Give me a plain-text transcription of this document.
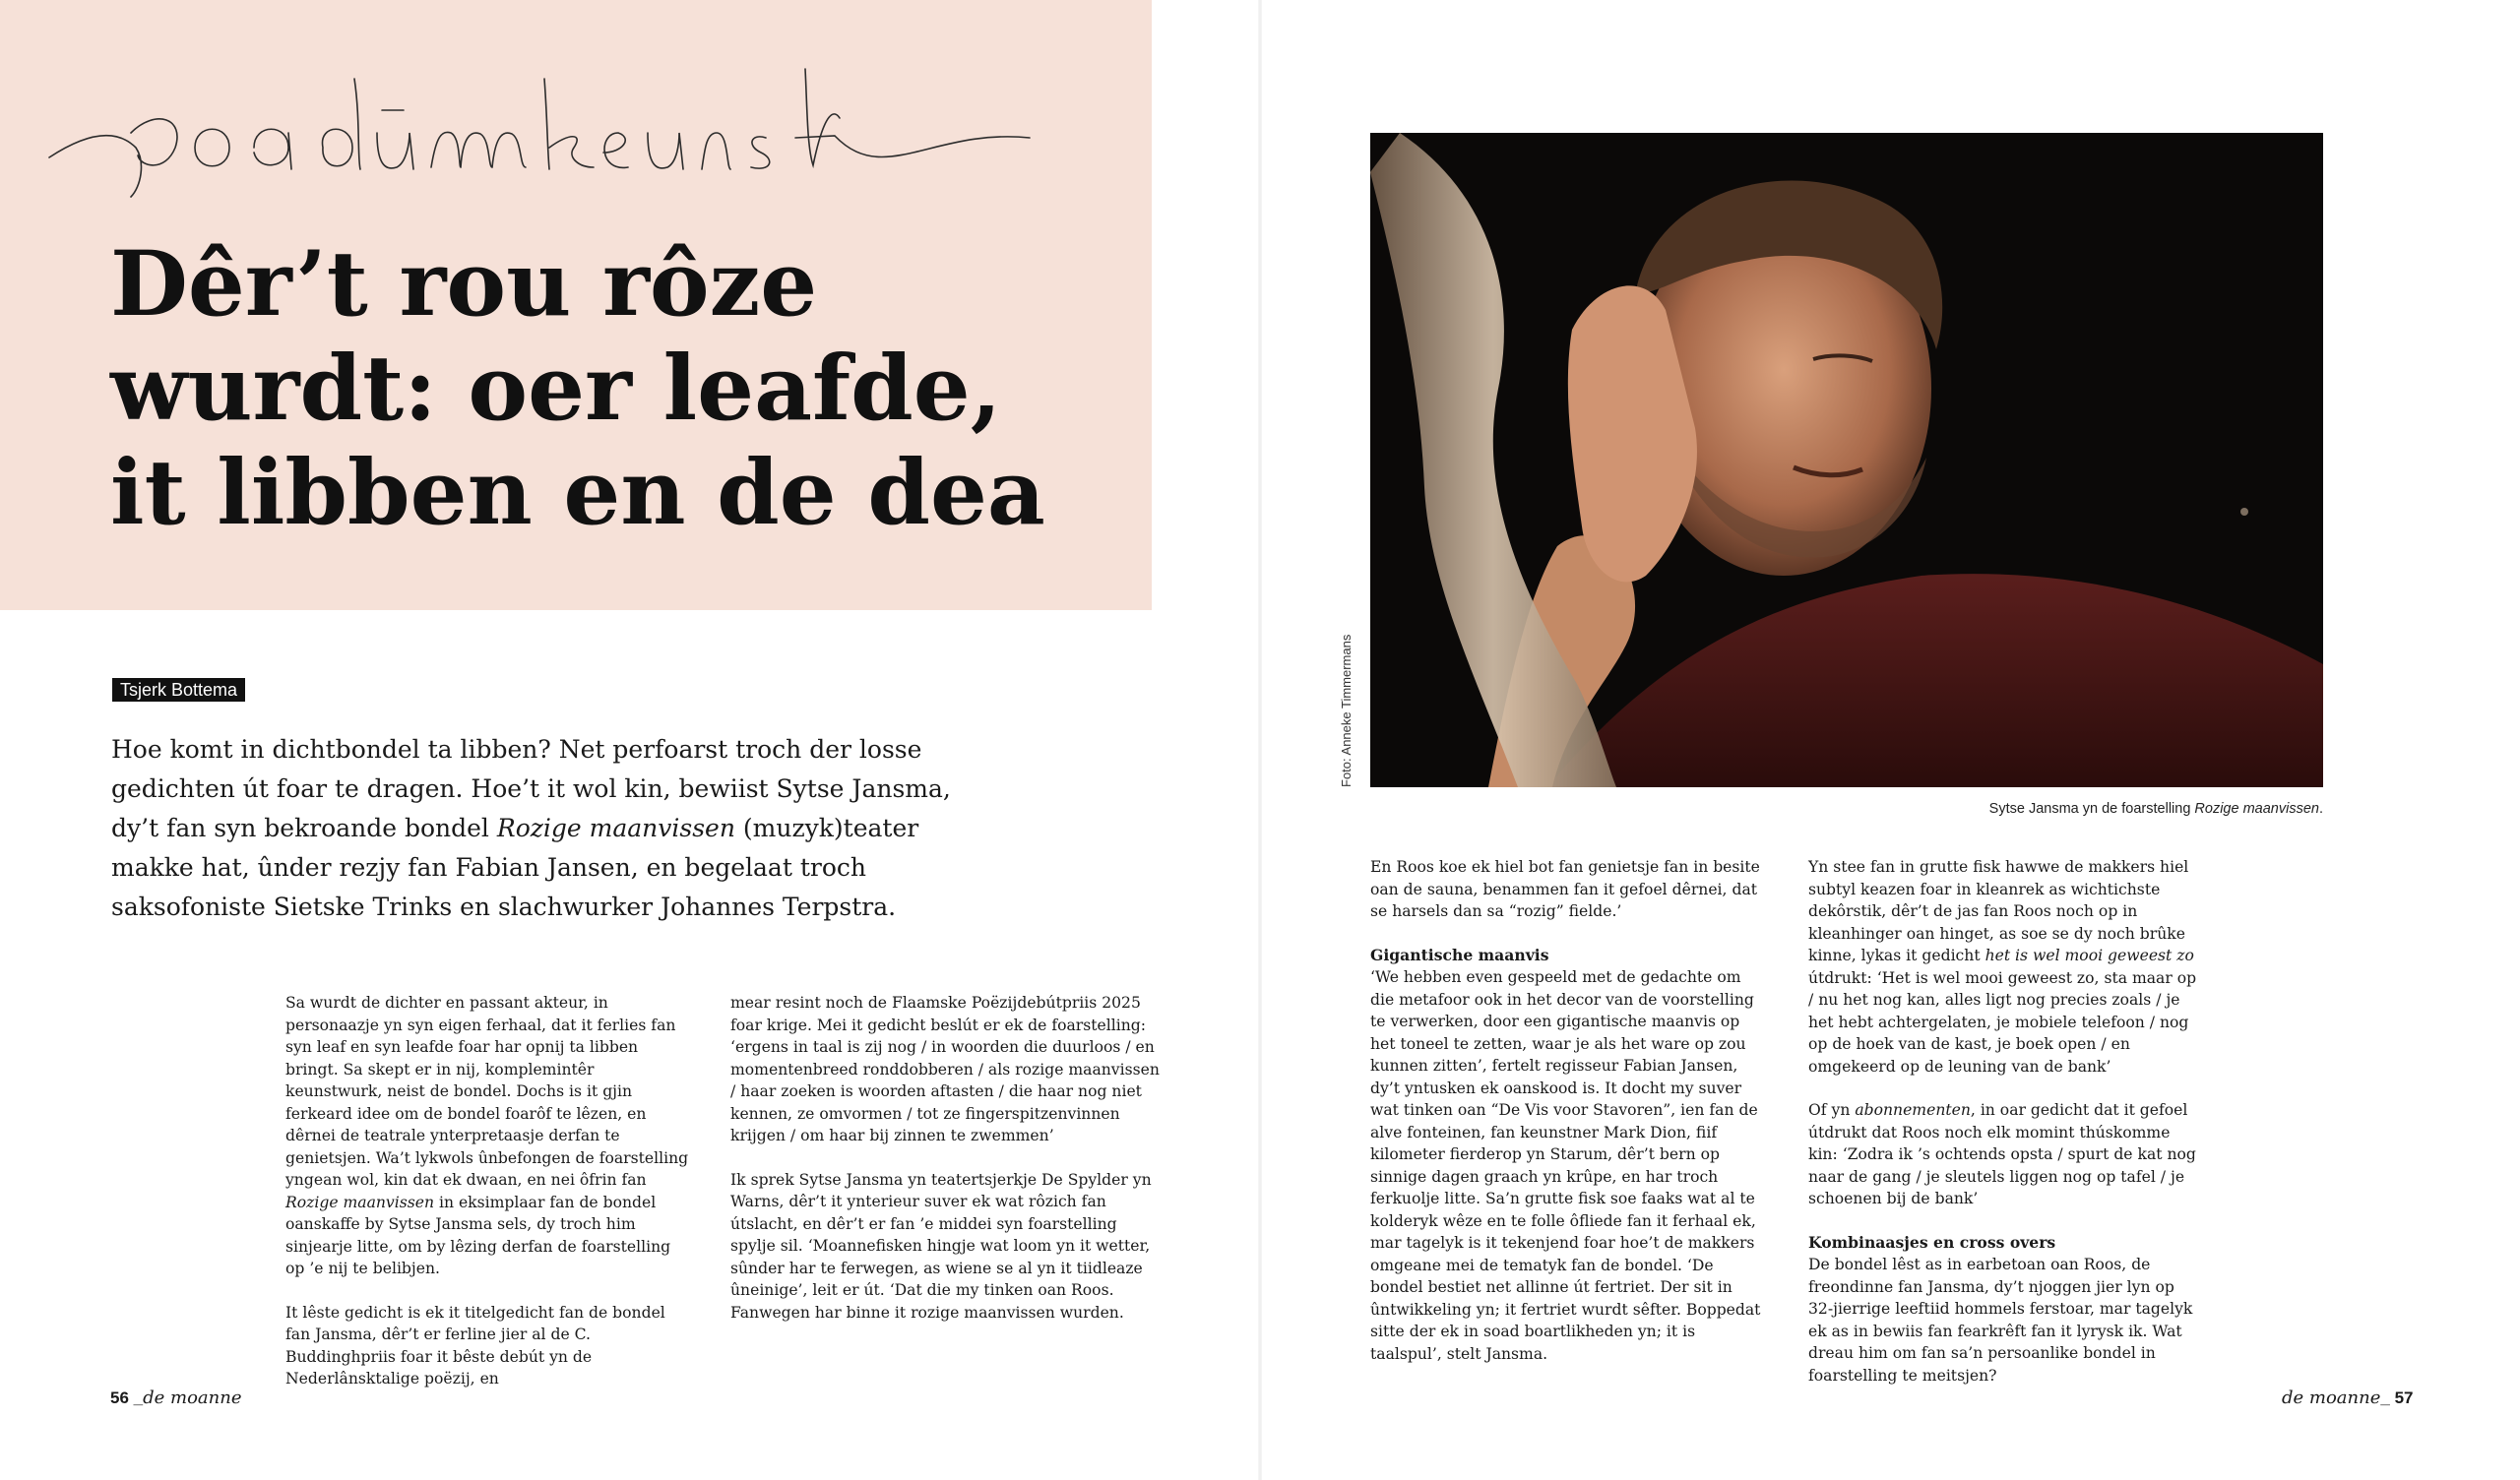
Dêr’t rou rôze
wurdt: oer leafde,
it libben en de dea
Tsjerk Bottema

Hoe komt in dichtbondel ta libben? Net perfoarst troch der losse gedichten út foar te dragen. Hoe’t it wol kin, bewiist Sytse Jansma, dy’t fan syn bekroande bondel Rozige maanvissen (muzyk)teater makke hat, ûnder rezjy fan Fabian Jansen, en begelaat troch saksofoniste Sietske Trinks en slachwurker Johannes Terpstra.

Sa wurdt de dichter en passant akteur, in personaazje yn syn eigen ferhaal, dat it ferlies fan syn leaf en syn leafde foar har opnij ta libben bringt. Sa skept er in nij, komplemintêr keunstwurk, neist de bondel. Dochs is it gjin ferkeard idee om de bondel foarôf te lêzen, en dêrnei de teatrale ynterpretaasje derfan te genietsjen. Wa’t lykwols ûnbefongen de foarstelling yngean wol, kin dat ek dwaan, en nei ôfrin fan Rozige maanvissen in eksimplaar fan de bondel oanskaffe by Sytse Jansma sels, dy troch him sinjearje litte, om by lêzing derfan de foarstelling op ’e nij te belibjen.

It lêste gedicht is ek it titelgedicht fan de bondel fan Jansma, dêr’t er ferline jier al de C. Buddinghpriis foar it bêste debút yn de Nederlânsktalige poëzij, en

mear resint noch de Flaamske Poëzijdebútpriis 2025 foar krige. Mei it gedicht beslút er ek de foarstelling: ‘ergens in taal is zij nog / in woorden die duurloos / en momentenbreed ronddobberen / als rozige maanvissen / haar zoeken is woorden aftasten / die haar nog niet kennen, ze omvormen / tot ze fingerspitzenvinnen krijgen / om haar bij zinnen te zwemmen’

Ik sprek Sytse Jansma yn teatertsjerkje De Spylder yn Warns, dêr’t it ynterieur suver ek wat rôzich fan útslacht, en dêr’t er fan ’e middei syn foarstelling spylje sil. ‘Moannefisken hingje wat loom yn it wetter, sûnder har te ferwegen, as wiene se al yn it tiidleaze ûneinige’, leit er út. ‘Dat die my tinken oan Roos. Fanwegen har binne it rozige maanvissen wurden.

56 _de moanne
Foto: Anneke Timmermans
Sytse Jansma yn de foarstelling Rozige maanvissen.

En Roos koe ek hiel bot fan genietsje fan in besite oan de sauna, benammen fan it gefoel dêrnei, dat se harsels dan sa “rozig” fielde.’

Gigantische maanvis

‘We hebben even gespeeld met de gedachte om die metafoor ook in het decor van de voorstelling te verwerken, door een gigantische maanvis op het toneel te zetten, waar je als het ware op zou kunnen zitten’, fertelt regisseur Fabian Jansen, dy’t yntusken ek oanskood is. It docht my suver wat tinken oan “De Vis voor Stavoren”, ien fan de alve fonteinen, fan keunstner Mark Dion, fiif kilometer fierderop yn Starum, dêr’t bern op sinnige dagen graach yn krûpe, en har troch ferkuolje litte. Sa’n grutte fisk soe faaks wat al te kolderyk wêze en te folle ôfliede fan it ferhaal ek, mar tagelyk is it tekenjend foar hoe’t de makkers omgeane mei de tematyk fan de bondel. ‘De bondel bestiet net allinne út fertriet. Der sit in ûntwikkeling yn; it fertriet wurdt sêfter. Boppedat sitte der ek in soad boartlikheden yn; it is taalspul’, stelt Jansma.

Yn stee fan in grutte fisk hawwe de makkers hiel subtyl keazen foar in kleanrek as wichtichste dekôrstik, dêr’t de jas fan Roos noch op in kleanhinger oan hinget, as soe se dy noch brûke kinne, lykas it gedicht het is wel mooi geweest zo útdrukt: ‘Het is wel mooi geweest zo, sta maar op / nu het nog kan, alles ligt nog precies zoals / je het hebt achtergelaten, je mobiele telefoon / nog op de hoek van de kast, je boek open / en omgekeerd op de leuning van de bank’

Of yn abonnementen, in oar gedicht dat it gefoel útdrukt dat Roos noch elk momint thúskomme kin: ‘Zodra ik ’s ochtends opsta / spurt de kat nog naar de gang / je sleutels liggen nog op tafel / je schoenen bij de bank’

Kombinaasjes en cross overs

De bondel lêst as in earbetoan oan Roos, de freondinne fan Jansma, dy’t njoggen jier lyn op 32-jierrige leeftiid hommels ferstoar, mar tagelyk ek as in bewiis fan fearkrêft fan it lyrysk ik. Wat dreau him om fan sa’n persoanlike bondel in foarstelling te meitsjen?

de moanne_ 57
